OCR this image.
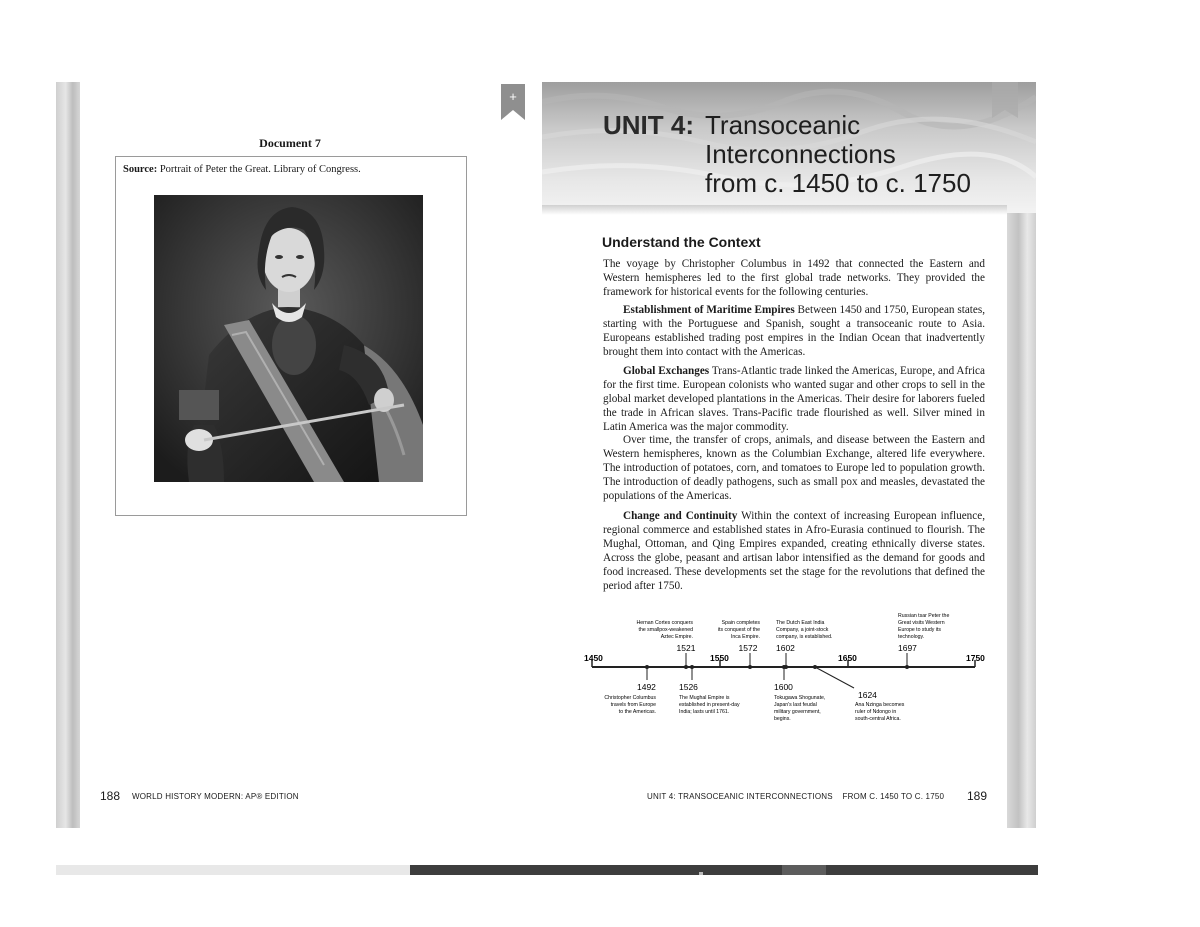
Document 7
Source: Portrait of Peter the Great. Library of Congress.
188 WORLD HISTORY MODERN: AP® EDITION
+
UNIT 4: Transoceanic
Interconnections
from c. 1450 to c. 1750
Understand the Context
The voyage by Christopher Columbus in 1492 that connected the Eastern and Western hemispheres led to the first global trade networks. They provided the framework for historical events for the following centuries.
Establishment of Maritime Empires Between 1450 and 1750, European states, starting with the Portuguese and Spanish, sought a transoceanic route to Asia. Europeans established trading post empires in the Indian Ocean that inadvertently brought them into contact with the Americas.
Global Exchanges Trans-Atlantic trade linked the Americas, Europe, and Africa for the first time. European colonists who wanted sugar and other crops to sell in the global market developed plantations in the Americas. Their desire for laborers fueled the trade in African slaves. Trans-Pacific trade flourished as well. Silver mined in Latin America was the major commodity.
Over time, the transfer of crops, animals, and disease between the Eastern and Western hemispheres, known as the Columbian Exchange, altered life everywhere. The introduction of potatoes, corn, and tomatoes to Europe led to population growth. The introduction of deadly pathogens, such as small pox and measles, devastated the populations of the Americas.
Change and Continuity Within the context of increasing European influence, regional commerce and established states in Afro-Eurasia continued to flourish. The Mughal, Ottoman, and Qing Empires expanded, creating ethnically diverse states. Across the globe, peasant and artisan labor intensified as the demand for goods and food increased. These developments set the stage for the revolutions that defined the period after 1750.
1450	1550	1650	1750
1521
Hernan Cortes conquers
the smallpox-weakened
Aztec Empire.
1572
Spain completes
its conquest of the
Inca Empire.
1602
The Dutch East India
Company, a joint-stock
company, is established.
1697
Russian tsar Peter the
Great visits Western
Europe to study its
technology.
1492
Christopher Columbus
travels from Europe
to the Americas.
1526
The Mughal Empire is
established in present-day
India; lasts until 1761.
1600
Tokugawa Shogunate,
Japan's last feudal
military government,
begins.
1624
Ana Nzinga becomes
ruler of Ndongo in
south-central Africa.
UNIT 4: TRANSOCEANIC INTERCONNECTIONS    FROM C. 1450 TO C. 1750 189
